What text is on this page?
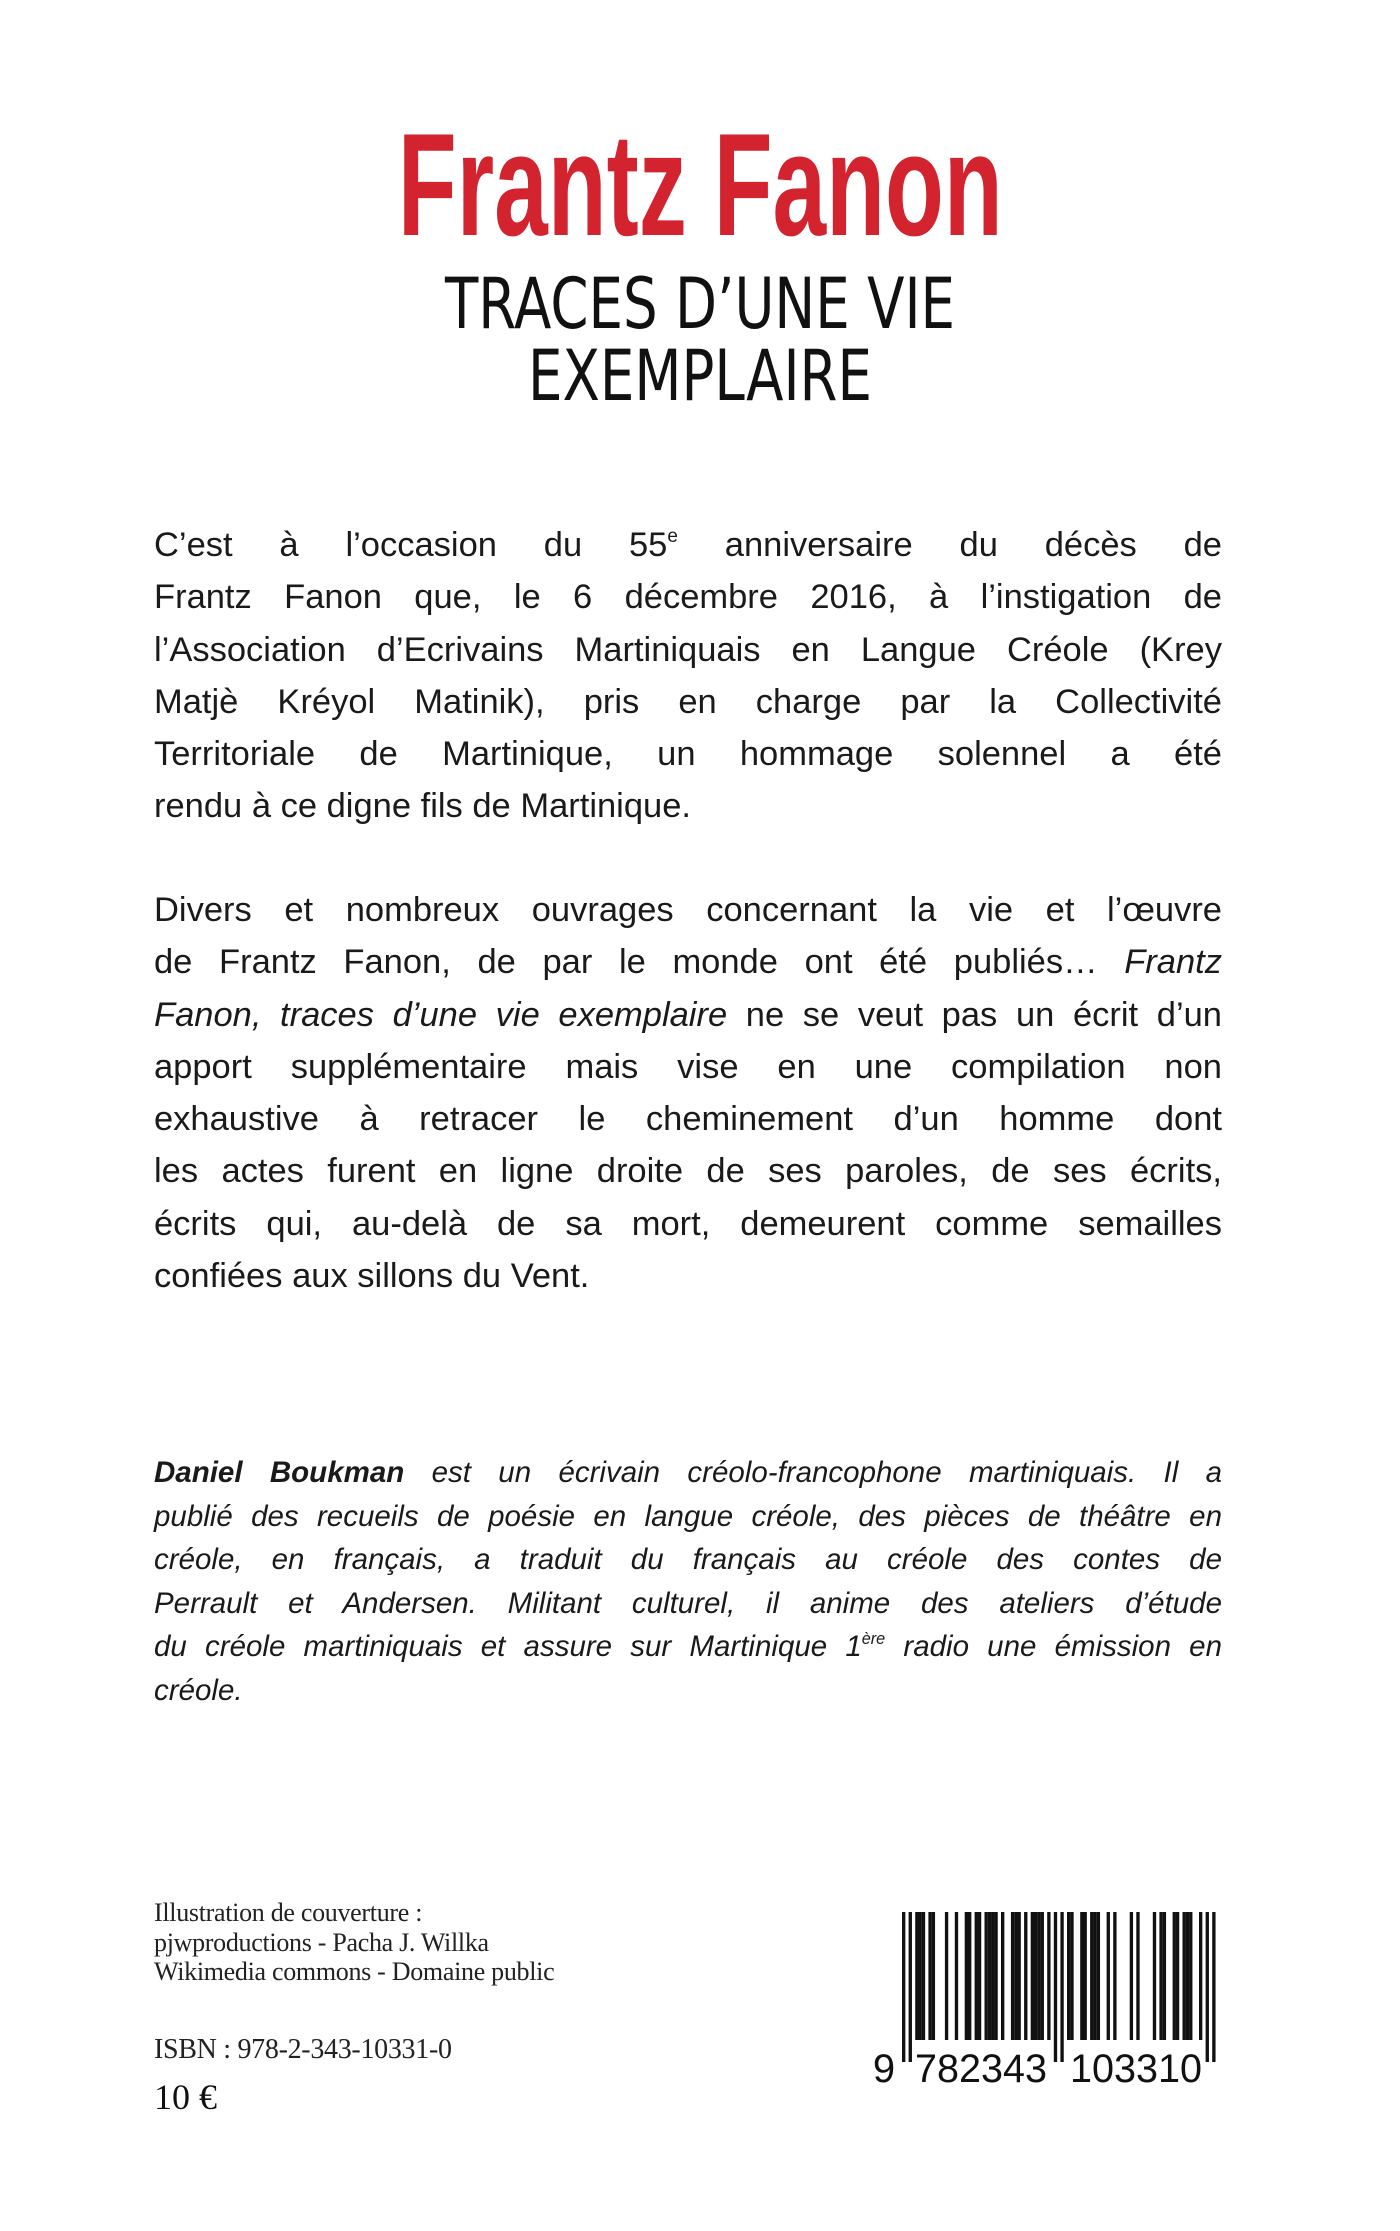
Frantz Fanon
TRACES D’UNE VIE
EXEMPLAIRE
C’est à l’occasion du 55e anniversaire du décès de
Frantz Fanon que, le 6 décembre 2016, à l’instigation de
l’Association d’Ecrivains Martiniquais en Langue Créole (Krey
Matjè Kréyol Matinik), pris en charge par la Collectivité
Territoriale de Martinique, un hommage solennel a été
rendu à ce digne fils de Martinique.
Divers et nombreux ouvrages concernant la vie et l’œuvre
de Frantz Fanon, de par le monde ont été publiés… Frantz
Fanon, traces d’une vie exemplaire ne se veut pas un écrit d’un
apport supplémentaire mais vise en une compilation non
exhaustive à retracer le cheminement d’un homme dont
les actes furent en ligne droite de ses paroles, de ses écrits,
écrits qui, au-delà de sa mort, demeurent comme semailles
confiées aux sillons du Vent.
Daniel Boukman est un écrivain créolo-francophone martiniquais. Il a
publié des recueils de poésie en langue créole, des pièces de théâtre en
créole, en français, a traduit du français au créole des contes de
Perrault et Andersen. Militant culturel, il anime des ateliers d’étude
du créole martiniquais et assure sur Martinique 1ère radio une émission en
créole.
Illustration de couverture :
pjwproductions - Pacha J. Willka
Wikimedia commons - Domaine public
ISBN : 978-2-343-10331-0
10 €
9 782343 103310
